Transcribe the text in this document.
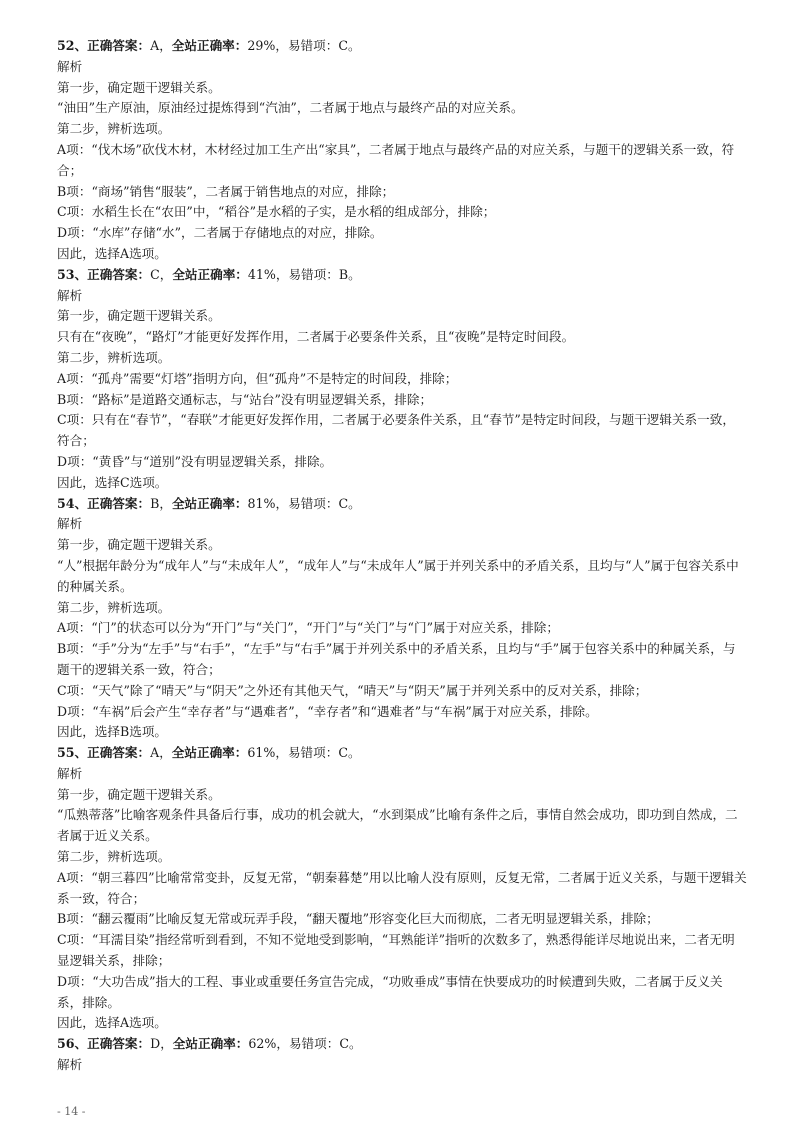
52、正确答案：A，全站正确率：29%，易错项：C。
解析
第一步，确定题干逻辑关系。
“油田”生产原油，原油经过提炼得到“汽油”，二者属于地点与最终产品的对应关系。
第二步，辨析选项。
A项：“伐木场”砍伐木材，木材经过加工生产出“家具”，二者属于地点与最终产品的对应关系，与题干的逻辑关系一致，符合；
B项：“商场”销售“服装”，二者属于销售地点的对应，排除；
C项：水稻生长在“农田”中，“稻谷”是水稻的子实，是水稻的组成部分，排除；
D项：“水库”存储“水”，二者属于存储地点的对应，排除。
因此，选择A选项。
53、正确答案：C，全站正确率：41%，易错项：B。
解析
第一步，确定题干逻辑关系。
只有在“夜晚”，“路灯”才能更好发挥作用，二者属于必要条件关系，且“夜晚”是特定时间段。
第二步，辨析选项。
A项：“孤舟”需要“灯塔”指明方向，但“孤舟”不是特定的时间段，排除；
B项：“路标”是道路交通标志，与“站台”没有明显逻辑关系，排除；
C项：只有在“春节”，“春联”才能更好发挥作用，二者属于必要条件关系，且“春节”是特定时间段，与题干逻辑关系一致，符合；
D项：“黄昏”与“道别”没有明显逻辑关系，排除。
因此，选择C选项。
54、正确答案：B，全站正确率：81%，易错项：C。
解析
第一步，确定题干逻辑关系。
“人”根据年龄分为“成年人”与“未成年人”，“成年人”与“未成年人”属于并列关系中的矛盾关系，且均与“人”属于包容关系中的种属关系。
第二步，辨析选项。
A项：“门”的状态可以分为“开门”与“关门”，“开门”与“关门”与“门”属于对应关系，排除；
B项：“手”分为“左手”与“右手”，“左手”与“右手”属于并列关系中的矛盾关系，且均与“手”属于包容关系中的种属关系，与题干的逻辑关系一致，符合；
C项：“天气”除了“晴天”与“阴天”之外还有其他天气，“晴天”与“阴天”属于并列关系中的反对关系，排除；
D项：“车祸”后会产生“幸存者”与“遇难者”，“幸存者”和“遇难者”与“车祸”属于对应关系，排除。
因此，选择B选项。
55、正确答案：A，全站正确率：61%，易错项：C。
解析
第一步，确定题干逻辑关系。
“瓜熟蒂落”比喻客观条件具备后行事，成功的机会就大，“水到渠成”比喻有条件之后，事情自然会成功，即功到自然成，二者属于近义关系。
第二步，辨析选项。
A项：“朝三暮四”比喻常常变卦，反复无常，“朝秦暮楚”用以比喻人没有原则，反复无常，二者属于近义关系，与题干逻辑关系一致，符合；
B项：“翻云覆雨”比喻反复无常或玩弄手段，“翻天覆地”形容变化巨大而彻底，二者无明显逻辑关系，排除；
C项：“耳濡目染”指经常听到看到，不知不觉地受到影响，“耳熟能详”指听的次数多了，熟悉得能详尽地说出来，二者无明显逻辑关系，排除；
D项：“大功告成”指大的工程、事业或重要任务宣告完成，“功败垂成”事情在快要成功的时候遭到失败，二者属于反义关系，排除。
因此，选择A选项。
56、正确答案：D，全站正确率：62%，易错项：C。
解析
- 14 -
